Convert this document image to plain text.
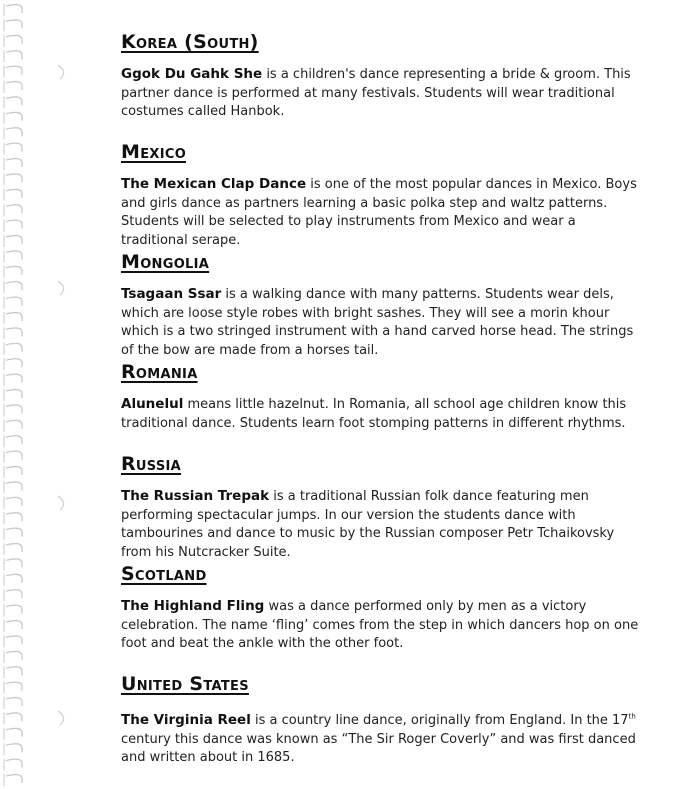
Korea (South)

Ggok Du Gahk She is a children's dance representing a bride & groom. This partner dance is performed at many festivals. Students will wear traditional costumes called Hanbok.

Mexico

The Mexican Clap Dance is one of the most popular dances in Mexico. Boys and girls dance as partners learning a basic polka step and waltz patterns. Students will be selected to play instruments from Mexico and wear a traditional serape.

Mongolia

Tsagaan Ssar is a walking dance with many patterns. Students wear dels, which are loose style robes with bright sashes. They will see a morin khour which is a two stringed instrument with a hand carved horse head. The strings of the bow are made from a horses tail.

Romania

Alunelul means little hazelnut. In Romania, all school age children know this traditional dance. Students learn foot stomping patterns in different rhythms.

Russia

The Russian Trepak is a traditional Russian folk dance featuring men performing spectacular jumps. In our version the students dance with tambourines and dance to music by the Russian composer Petr Tchaikovsky from his Nutcracker Suite.

Scotland

The Highland Fling was a dance performed only by men as a victory celebration. The name ‘fling’ comes from the step in which dancers hop on one foot and beat the ankle with the other foot.

United States

The Virginia Reel is a country line dance, originally from England. In the 17th century this dance was known as “The Sir Roger Coverly” and was first danced and written about in 1685.
